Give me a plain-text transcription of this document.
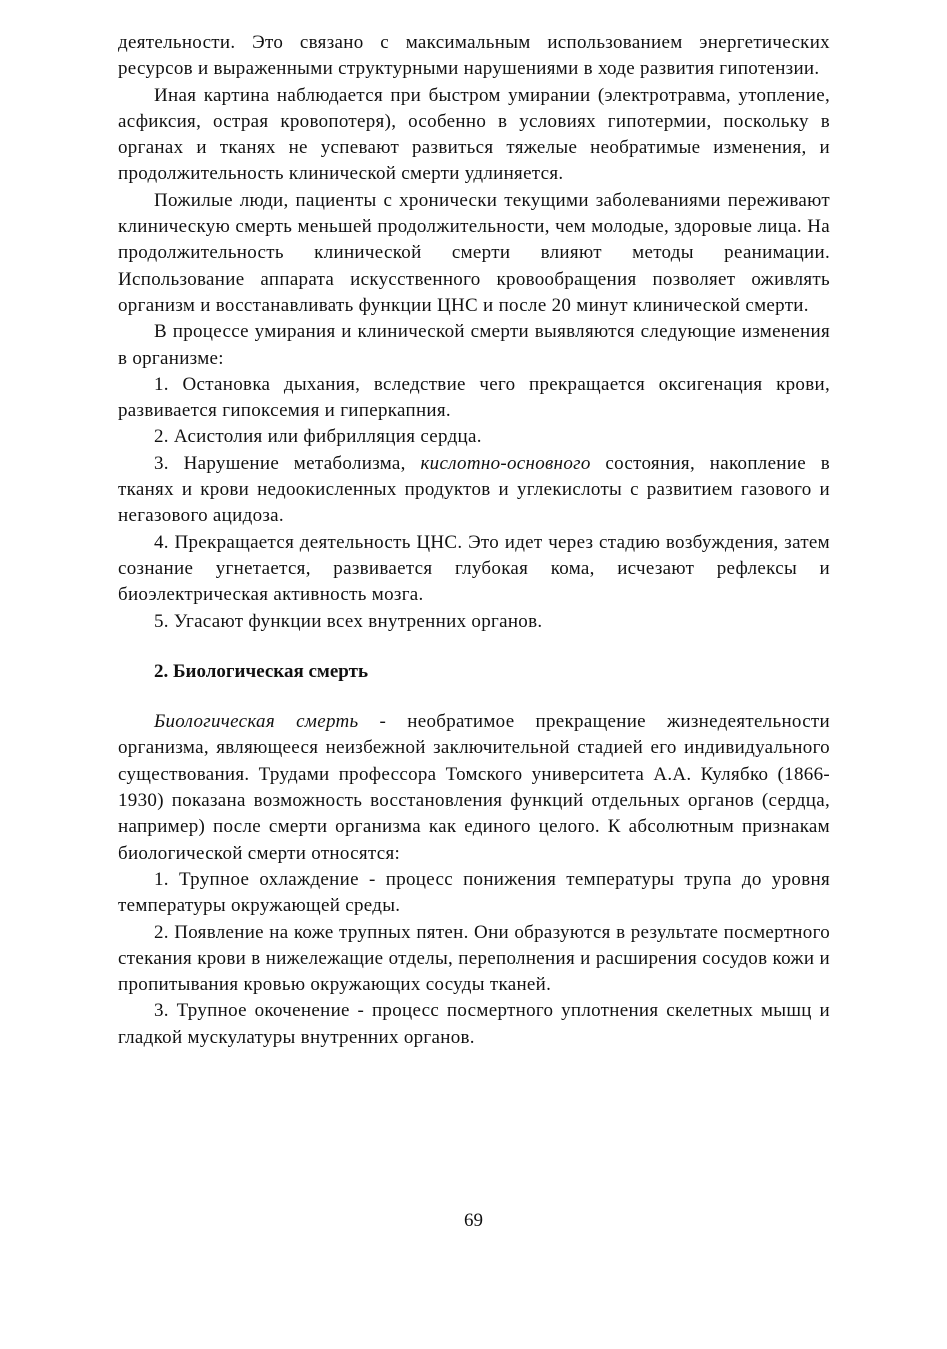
деятельности. Это связано с максимальным использованием энергетических ресурсов и выраженными структурными нарушениями в ходе развития гипотензии.

Иная картина наблюдается при быстром умирании (электротравма, утопление, асфиксия, острая кровопотеря), особенно в условиях гипотермии, поскольку в органах и тканях не успевают развиться тяжелые необратимые изменения, и продолжительность клинической смерти удлиняется.

Пожилые люди, пациенты с хронически текущими заболеваниями переживают клиническую смерть меньшей продолжительности, чем молодые, здоровые лица. На продолжительность клинической смерти влияют методы реанимации. Использование аппарата искусственного кровообращения позволяет оживлять организм и восстанавливать функции ЦНС и после 20 минут клинической смерти.

В процессе умирания и клинической смерти выявляются следующие изменения в организме:

1. Остановка дыхания, вследствие чего прекращается оксигенация крови, развивается гипоксемия и гиперкапния.

2. Асистолия или фибрилляция сердца.

3. Нарушение метаболизма, кислотно-основного состояния, накопление в тканях и крови недоокисленных продуктов и углекислоты с развитием газового и негазового ацидоза.

4. Прекращается деятельность ЦНС. Это идет через стадию возбуждения, затем сознание угнетается, развивается глубокая кома, исчезают рефлексы и биоэлектрическая активность мозга.

5. Угасают функции всех внутренних органов.

2. Биологическая смерть

Биологическая смерть - необратимое прекращение жизнедеятельности организма, являющееся неизбежной заключительной стадией его индивидуального существования. Трудами профессора Томского университета А.А. Кулябко (1866-1930) показана возможность восстановления функций отдельных органов (сердца, например) после смерти организма как единого целого. К абсолютным признакам биологической смерти относятся:

1. Трупное охлаждение - процесс понижения температуры трупа до уровня температуры окружающей среды.

2. Появление на коже трупных пятен. Они образуются в результате посмертного стекания крови в нижележащие отделы, переполнения и расширения сосудов кожи и пропитывания кровью окружающих сосуды тканей.

3. Трупное окоченение - процесс посмертного уплотнения скелетных мышц и гладкой мускулатуры внутренних органов.

69
